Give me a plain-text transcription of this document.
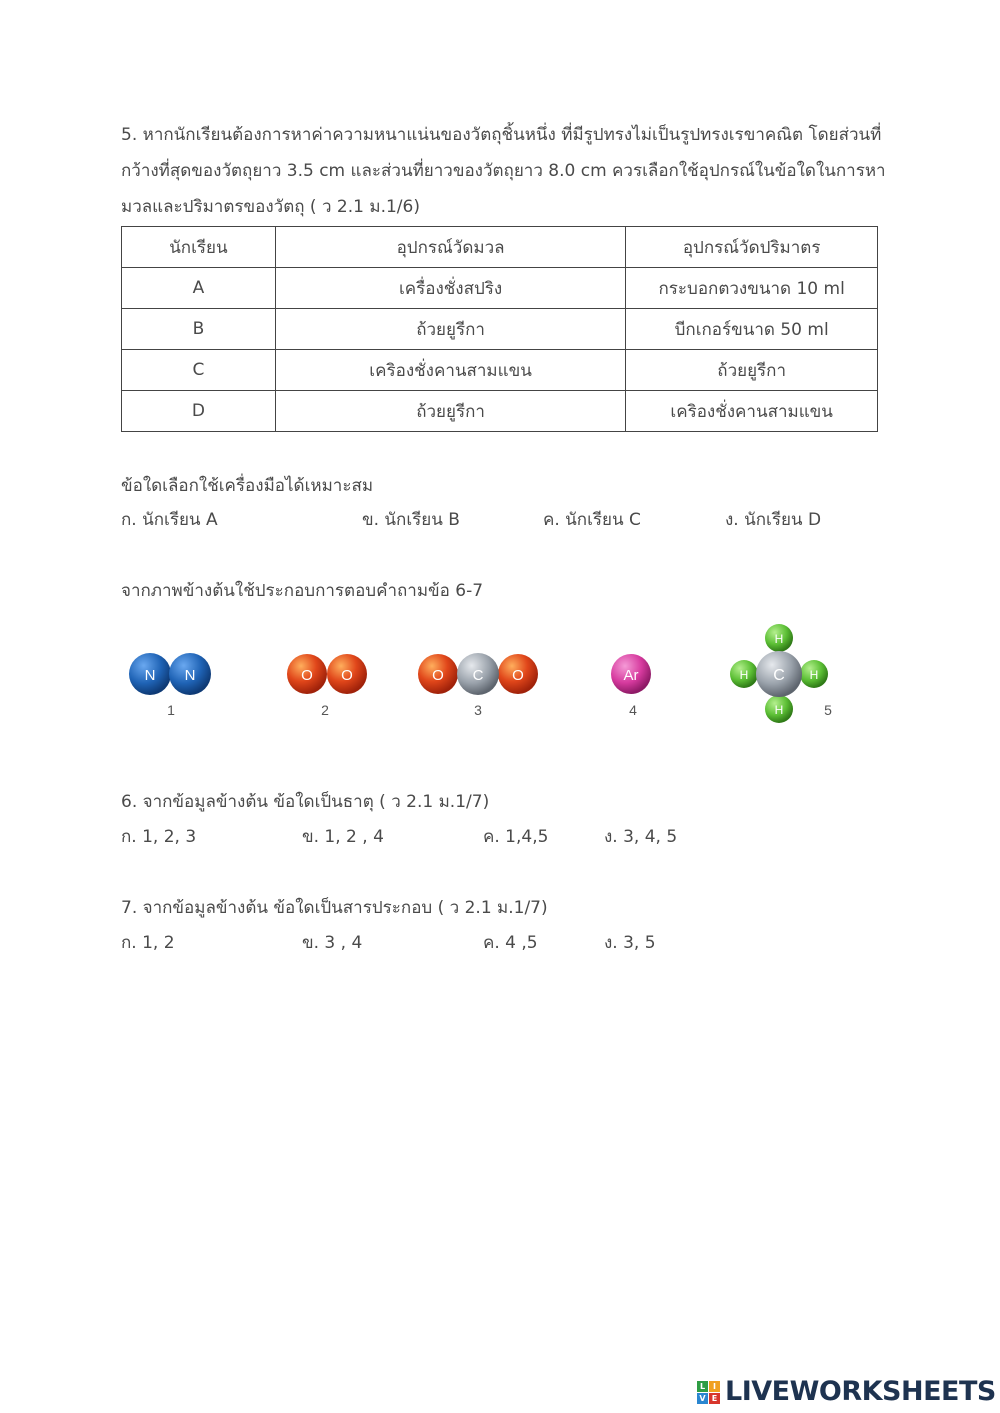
5. หากนักเรียนต้องการหาค่าความหนาแน่นของวัตถุชิ้นหนึ่ง ที่มีรูปทรงไม่เป็นรูปทรงเรขาคณิต โดยส่วนที่
กว้างที่สุดของวัตถุยาว 3.5 cm และส่วนที่ยาวของวัตถุยาว 8.0 cm ควรเลือกใช้อุปกรณ์ในข้อใดในการหา
มวลและปริมาตรของวัตถุ ( ว 2.1 ม.1/6)
นักเรียน	อุปกรณ์วัดมวล	อุปกรณ์วัดปริมาตร
A	เครื่องชั่งสปริง	กระบอกตวงขนาด 10 ml
B	ถ้วยยูรีกา	บีกเกอร์ขนาด 50 ml
C	เคริองชั่งคานสามแขน	ถ้วยยูรีกา
D	ถ้วยยูรีกา	เคริองชั่งคานสามแขน
ข้อใดเลือกใช้เครื่องมือได้เหมาะสม
ก. นักเรียน A	ข. นักเรียน B	ค. นักเรียน C	ง. นักเรียน D
จากภาพข้างต้นใช้ประกอบการตอบคำถามข้อ 6-7
N N
1
O O
2
O C O
3
Ar
4
H
H C H
H	5
6. จากข้อมูลข้างต้น ข้อใดเป็นธาตุ ( ว 2.1 ม.1/7)
ก. 1, 2, 3	ข. 1, 2 , 4	ค. 1,4,5	ง. 3, 4, 5
7. จากข้อมูลข้างต้น ข้อใดเป็นสารประกอบ ( ว 2.1 ม.1/7)
ก. 1, 2	ข. 3 , 4	ค. 4 ,5	ง. 3, 5
L I
V E LIVEWORKSHEETS
